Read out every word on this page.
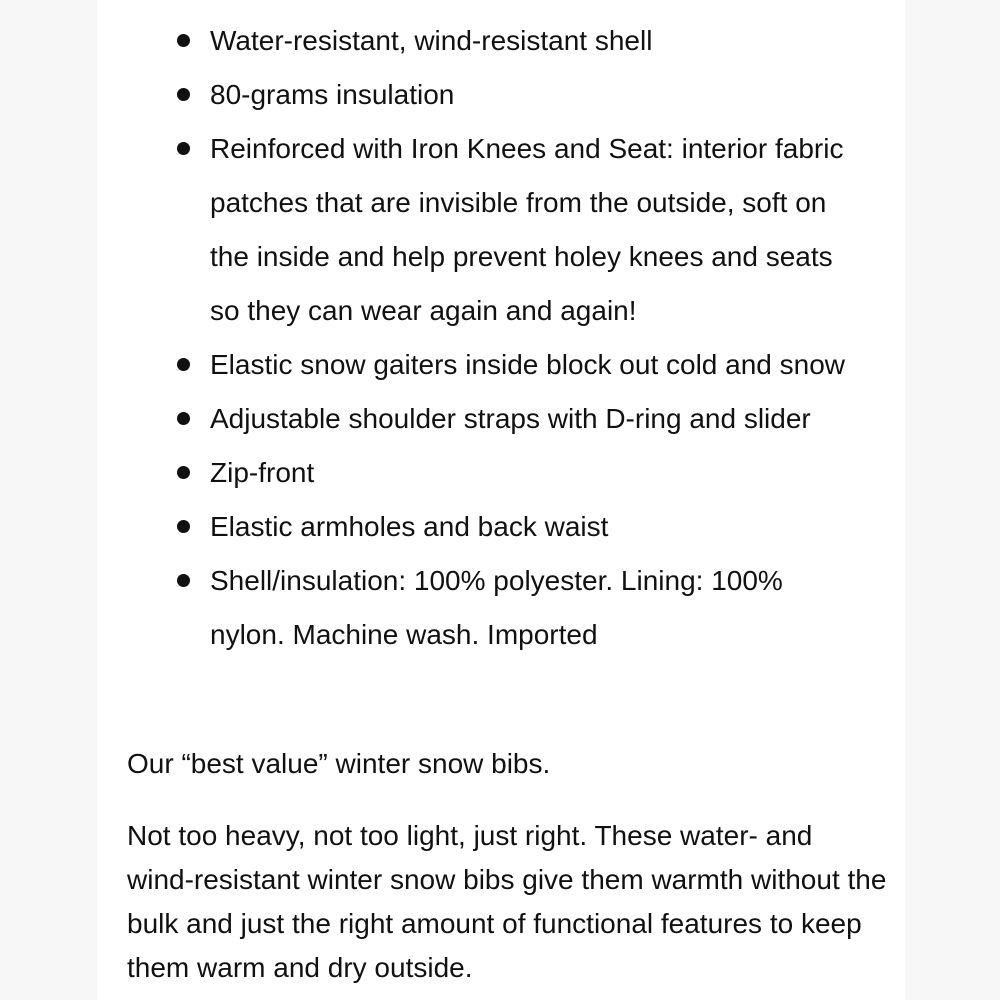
Water-resistant, wind-resistant shell
80-grams insulation
Reinforced with Iron Knees and Seat: interior fabric patches that are invisible from the outside, soft on the inside and help prevent holey knees and seats so they can wear again and again!
Elastic snow gaiters inside block out cold and snow
Adjustable shoulder straps with D-ring and slider
Zip-front
Elastic armholes and back waist
Shell/insulation: 100% polyester. Lining: 100% nylon. Machine wash. Imported

Our “best value” winter snow bibs.

Not too heavy, not too light, just right. These water- and wind-resistant winter snow bibs give them warmth without the bulk and just the right amount of functional features to keep them warm and dry outside.
